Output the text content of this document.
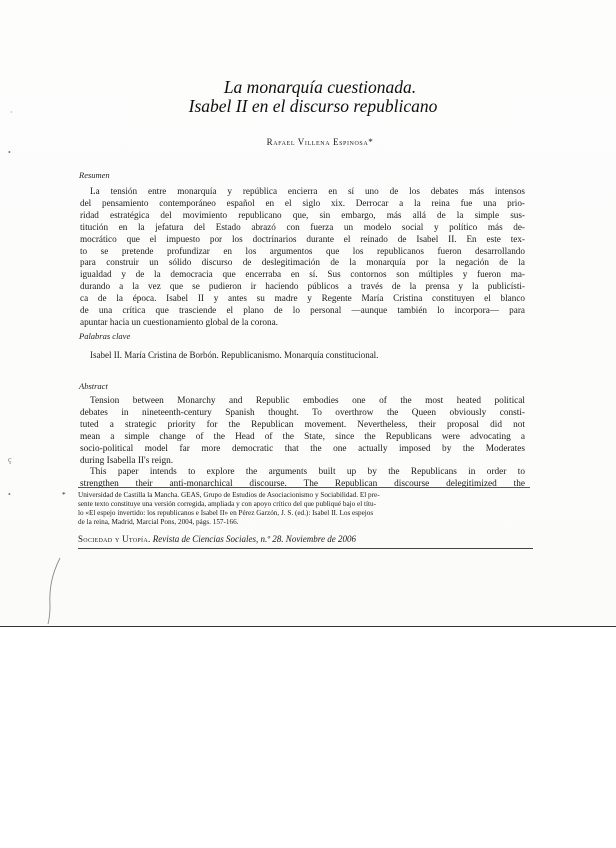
·
•
ç
•
La monarquía cuestionada.
Isabel II en el discurso republicano
Rafael Villena Espinosa*
Resumen
La tensión entre monarquía y república encierra en sí uno de los debates más intensos
del pensamiento contemporáneo español en el siglo xix. Derrocar a la reina fue una prio-
ridad estratégica del movimiento republicano que, sin embargo, más allá de la simple sus-
titución en la jefatura del Estado abrazó con fuerza un modelo social y político más de-
mocrático que el impuesto por los doctrinarios durante el reinado de Isabel II. En este tex-
to se pretende profundizar en los argumentos que los republicanos fueron desarrollando
para construir un sólido discurso de deslegitimación de la monarquía por la negación de la
igualdad y de la democracia que encerraba en sí. Sus contornos son múltiples y fueron ma-
durando a la vez que se pudieron ir haciendo públicos a través de la prensa y la publicísti-
ca de la época. Isabel II y antes su madre y Regente María Cristina constituyen el blanco
de una crítica que trasciende el plano de lo personal —aunque también lo incorpora— para
apuntar hacia un cuestionamiento global de la corona.
Palabras clave
Isabel II. María Cristina de Borbón. Republicanismo. Monarquía constitucional.
Abstract
Tension between Monarchy and Republic embodies one of the most heated political
debates in nineteenth-century Spanish thought. To overthrow the Queen obviously consti-
tuted a strategic priority for the Republican movement. Nevertheless, their proposal did not
mean a simple change of the Head of the State, since the Republicans were advocating a
socio-political model far more democratic that the one actually imposed by the Moderates
during Isabella II's reign.
This paper intends to explore the arguments built up by the Republicans in order to
strengthen their anti-monarchical discourse. The Republican discourse delegitimized the
* Universidad de Castilla la Mancha. GEAS, Grupo de Estudios de Asociacionismo y Sociabilidad. El pre-
sente texto constituye una versión corregida, ampliada y con apoyo crítico del que publiqué bajo el títu-
lo «El espejo invertido: los republicanos e Isabel II» en Pérez Garzón, J. S. (ed.): Isabel II. Los espejos
de la reina, Madrid, Marcial Pons, 2004, págs. 157-166.
Sociedad y Utopía. Revista de Ciencias Sociales, n.º 28. Noviembre de 2006
